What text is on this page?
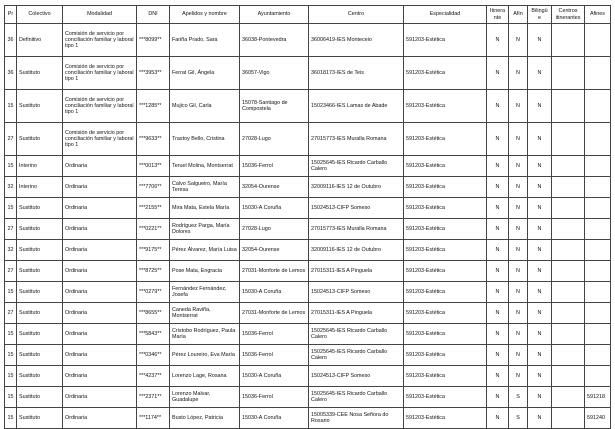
Pr	Colectivo	Modalidad	DNI	Apelidos y nombre	Ayuntamiento	Centro	Especialidad	Itinerante	Afín	Bilingüe	Centros itinerantes	Afines
36	Definitivo	Comisión de servicio por conciliación familiar y laboral tipo 1	***8099**	Fariña Prado, Sara	36038-Pontevedra	36006419-IES Monteceio	591203-Estética	N	N	N		
36	Sustituto	Comisión de servicio por conciliación familiar y laboral tipo 1	***3953**	Ferrat Gil, Ángela	36057-Vigo	36018173-IES de Teis	591203-Estética	N	N	N		
15	Sustituto	Comisión de servicio por conciliación familiar y laboral tipo 1	***1285**	Mujico Gil, Carla	15078-Santiago de Compostela	15023466-IES Lamas de Abade	591203-Estética	N	N	N		
27	Sustituto	Comisión de servicio por conciliación familiar y laboral tipo 1	***9633**	Trastoy Bello, Cristina	27028-Lugo	27015773-IES Muralla Romana	591203-Estética	N	N	N		
15	Interino	Ordinaria	***0013**	Teruel Molina, Montserrat	15036-Ferrol	15025645-IES Ricardo Carballo Calero	591203-Estética	N	N	N		
32	Interino	Ordinaria	***7706**	Calvo Salgueiro, María Teresa	32054-Ourense	32009116-IES 12 de Outubro	591203-Estética	N	N	N		
15	Sustituto	Ordinaria	***2155**	Mira Mata, Estela María	15030-A Coruña	15024513-CIFP Someso	591203-Estética	N	N	N		
27	Sustituto	Ordinaria	***0221**	Rodríguez Parga, María Dolores	27028-Lugo	27015773-IES Muralla Romana	591203-Estética	N	N	N		
32	Sustituto	Ordinaria	***9175**	Pérez Álvarez, María Luisa	32054-Ourense	32009116-IES 12 de Outubro	591203-Estética	N	N	N		
27	Sustituto	Ordinaria	***8725**	Pose Mata, Engracia	27031-Monforte de Lemos	27015311-IES A Pinguela	591203-Estética	N	N	N		
15	Sustituto	Ordinaria	***0279**	Fernández Fernández, Josefa	15030-A Coruña	15024513-CIFP Someso	591203-Estética	N	N	N		
27	Sustituto	Ordinaria	***8655**	Caneda Raviña, Montserrat	27031-Monforte de Lemos	27015311-IES A Pinguela	591203-Estética	N	N	N		
15	Sustituto	Ordinaria	***5843**	Cristobo Rodríguez, Paula María	15036-Ferrol	15025645-IES Ricardo Carballo Calero	591203-Estética	N	N	N		
15	Sustituto	Ordinaria	***0346**	Pérez Loureiro, Eva María	15036-Ferrol	15025645-IES Ricardo Carballo Calero	591203-Estética	N	N	N		
15	Sustituto	Ordinaria	***4237**	Lorenzo Lage, Rosana	15030-A Coruña	15024513-CIFP Someso	591203-Estética	N	N	N		
15	Sustituto	Ordinaria	***2371**	Lorenzo Malvar, Guadalupe	15036-Ferrol	15025645-IES Ricardo Carballo Calero	591203-Estética	N	S	N		591218
15	Sustituto	Ordinaria	***1174**	Busto López, Patricia	15030-A Coruña	15005339-CEE Nosa Señora do Rosario	591203-Estética	N	S	N		591240
